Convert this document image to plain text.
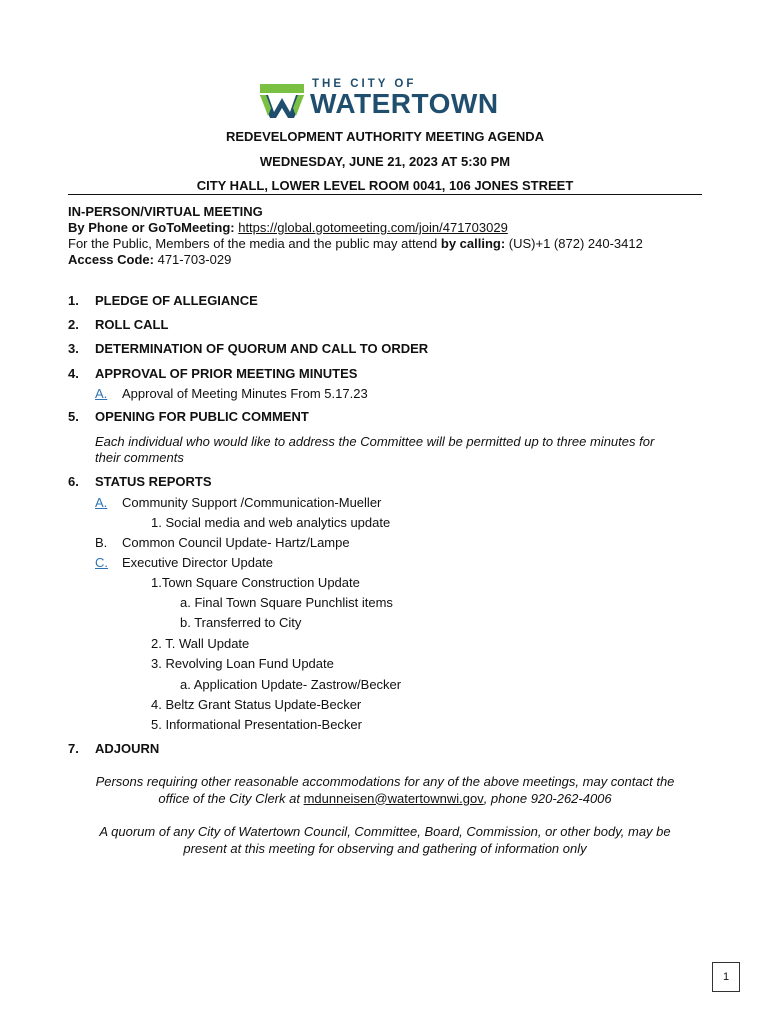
THE CITY OF
WATERTOWN
REDEVELOPMENT AUTHORITY MEETING AGENDA
WEDNESDAY, JUNE 21, 2023 AT 5:30 PM
CITY HALL, LOWER LEVEL ROOM 0041, 106 JONES STREET
IN-PERSON/VIRTUAL MEETING
By Phone or GoToMeeting: https://global.gotomeeting.com/join/471703029
For the Public, Members of the media and the public may attend by calling: (US)+1 (872) 240-3412
Access Code: 471-703-029
1. PLEDGE OF ALLEGIANCE
2. ROLL CALL
3. DETERMINATION OF QUORUM AND CALL TO ORDER
4. APPROVAL OF PRIOR MEETING MINUTES
A. Approval of Meeting Minutes From 5.17.23
5. OPENING FOR PUBLIC COMMENT
Each individual who would like to address the Committee will be permitted up to three minutes for
their comments
6. STATUS REPORTS
A. Community Support /Communication-Mueller
1. Social media and web analytics update
B. Common Council Update- Hartz/Lampe
C. Executive Director Update
1.Town Square Construction Update
a. Final Town Square Punchlist items
b. Transferred to City
2. T. Wall Update
3. Revolving Loan Fund Update
a. Application Update- Zastrow/Becker
4. Beltz Grant Status Update-Becker
5. Informational Presentation-Becker
7. ADJOURN
Persons requiring other reasonable accommodations for any of the above meetings, may contact the
office of the City Clerk at mdunneisen@watertownwi.gov, phone 920-262-4006
A quorum of any City of Watertown Council, Committee, Board, Commission, or other body, may be
present at this meeting for observing and gathering of information only
1
